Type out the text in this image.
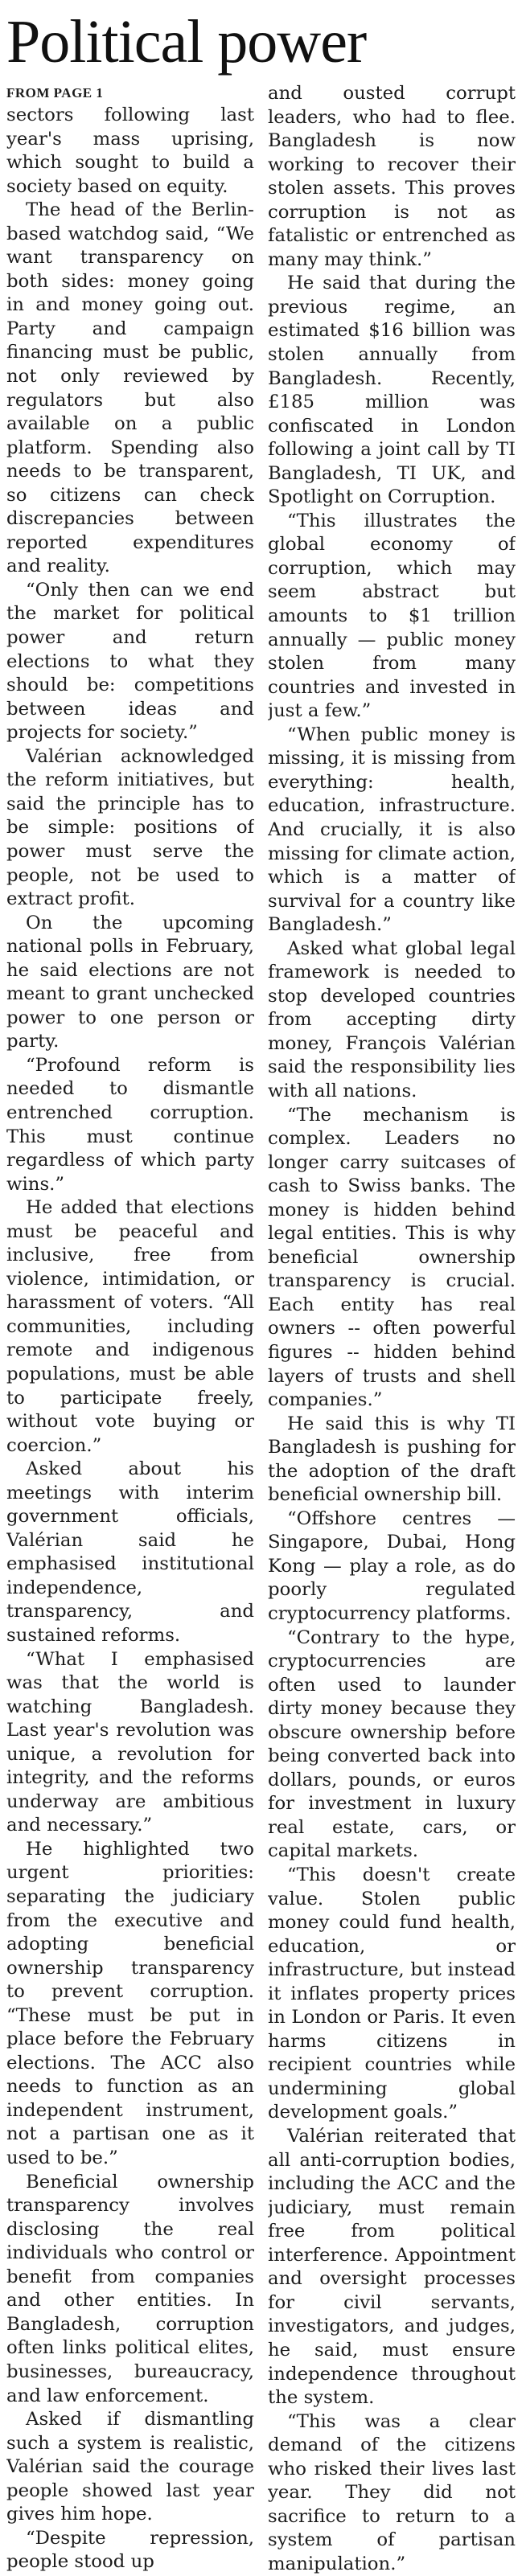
Political power
FROM PAGE 1

sectors following last year's mass uprising, which sought to build a society based on equity.

The head of the Berlin-based watchdog said, “We want transparency on both sides: money going in and money going out. Party and campaign financing must be public, not only reviewed by regulators but also available on a public platform. Spending also needs to be transparent, so citizens can check discrepancies between reported expenditures and reality.

“Only then can we end the market for political power and return elections to what they should be: competitions between ideas and projects for society.”

Valérian acknowledged the reform initiatives, but said the principle has to be simple: positions of power must serve the people, not be used to extract profit.

On the upcoming national polls in February, he said elections are not meant to grant unchecked power to one person or party.

“Profound reform is needed to dismantle entrenched corruption. This must continue regardless of which party wins.”

He added that elections must be peaceful and inclusive, free from violence, intimidation, or harassment of voters. “All communities, including remote and indigenous populations, must be able to participate freely, without vote buying or coercion.”

Asked about his meetings with interim government officials, Valérian said he emphasised institutional independence, transparency, and sustained reforms.

“What I emphasised was that the world is watching Bangladesh. Last year's revolution was unique, a revolution for integrity, and the reforms underway are ambitious and necessary.”

He highlighted two urgent priorities: separating the judiciary from the executive and adopting beneficial ownership transparency to prevent corruption. “These must be put in place before the February elections. The ACC also needs to function as an independent instrument, not a partisan one as it used to be.”

Beneficial ownership transparency involves disclosing the real individuals who control or benefit from companies and other entities. In Bangladesh, corruption often links political elites, businesses, bureaucracy, and law enforcement.

Asked if dismantling such a system is realistic, Valérian said the courage people showed last year gives him hope.

“Despite repression, people stood up

and ousted corrupt leaders, who had to flee. Bangladesh is now working to recover their stolen assets. This proves corruption is not as fatalistic or entrenched as many may think.”

He said that during the previous regime, an estimated $16 billion was stolen annually from Bangladesh. Recently, £185 million was confiscated in London following a joint call by TI Bangladesh, TI UK, and Spotlight on Corruption.

“This illustrates the global economy of corruption, which may seem abstract but amounts to $1 trillion annually — public money stolen from many countries and invested in just a few.”

“When public money is missing, it is missing from everything: health, education, infrastructure. And crucially, it is also missing for climate action, which is a matter of survival for a country like Bangladesh.”

Asked what global legal framework is needed to stop developed countries from accepting dirty money, François Valérian said the responsibility lies with all nations.

“The mechanism is complex. Leaders no longer carry suitcases of cash to Swiss banks. The money is hidden behind legal entities. This is why beneficial ownership transparency is crucial. Each entity has real owners -- often powerful figures -- hidden behind layers of trusts and shell companies.”

He said this is why TI Bangladesh is pushing for the adoption of the draft beneficial ownership bill.

“Offshore centres — Singapore, Dubai, Hong Kong — play a role, as do poorly regulated cryptocurrency platforms.

“Contrary to the hype, cryptocurrencies are often used to launder dirty money because they obscure ownership before being converted back into dollars, pounds, or euros for investment in luxury real estate, cars, or capital markets.

“This doesn't create value. Stolen public money could fund health, education, or infrastructure, but instead it inflates property prices in London or Paris. It even harms citizens in recipient countries while undermining global development goals.”

Valérian reiterated that all anti-corruption bodies, including the ACC and the judiciary, must remain free from political interference. Appointment and oversight processes for civil servants, investigators, and judges, he said, must ensure independence throughout the system.

“This was a clear demand of the citizens who risked their lives last year. They did not sacrifice to return to a system of partisan manipulation.”
